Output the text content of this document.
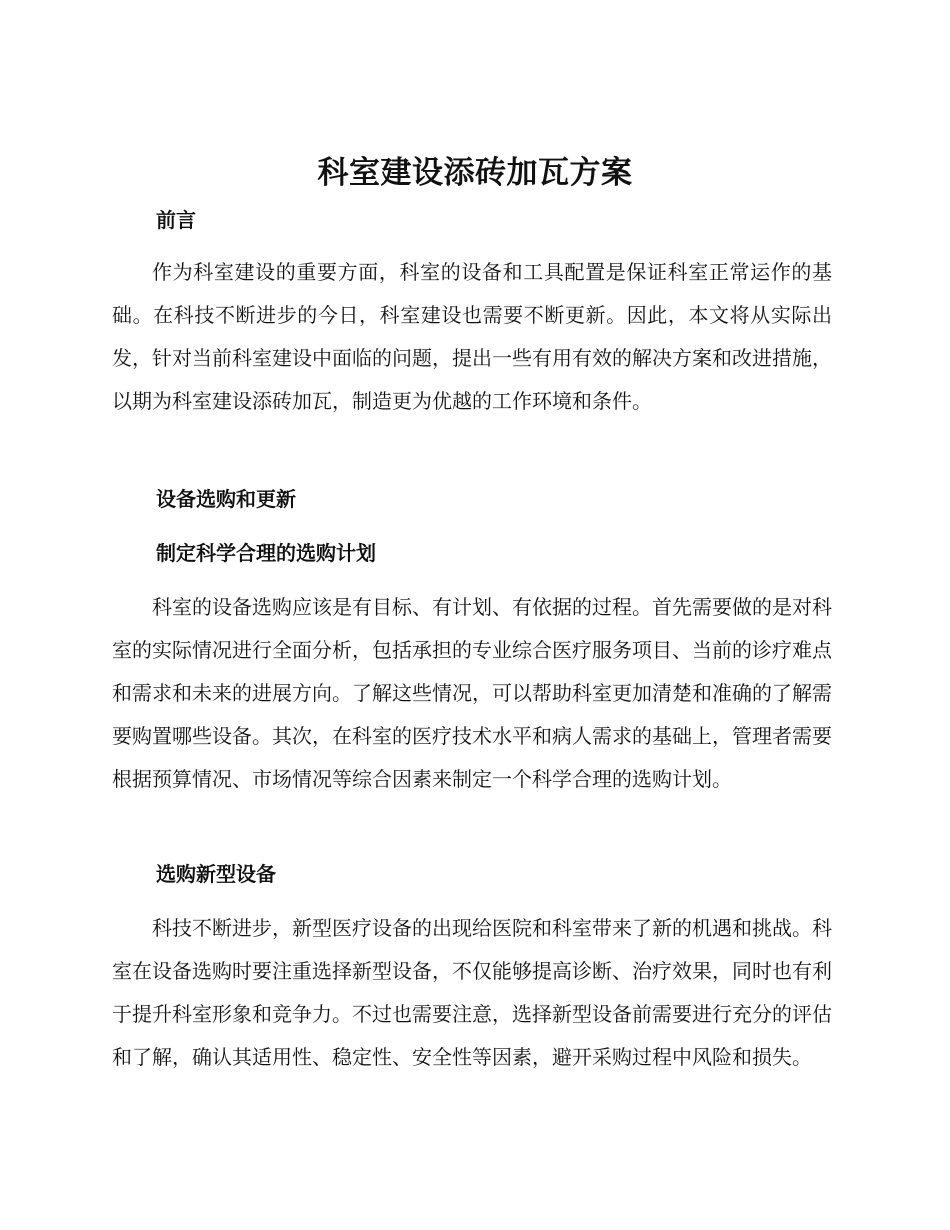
科室建设添砖加瓦方案
前言

作为科室建设的重要方面，科室的设备和工具配置是保证科室正常运作的基础。在科技不断进步的今日，科室建设也需要不断更新。因此，本文将从实际出发，针对当前科室建设中面临的问题，提出一些有用有效的解决方案和改进措施，以期为科室建设添砖加瓦，制造更为优越的工作环境和条件。

设备选购和更新
制定科学合理的选购计划

科室的设备选购应该是有目标、有计划、有依据的过程。首先需要做的是对科室的实际情况进行全面分析，包括承担的专业综合医疗服务项目、当前的诊疗难点和需求和未来的进展方向。了解这些情况，可以帮助科室更加清楚和准确的了解需要购置哪些设备。其次，在科室的医疗技术水平和病人需求的基础上，管理者需要根据预算情况、市场情况等综合因素来制定一个科学合理的选购计划。

选购新型设备

科技不断进步，新型医疗设备的出现给医院和科室带来了新的机遇和挑战。科室在设备选购时要注重选择新型设备，不仅能够提高诊断、治疗效果，同时也有利于提升科室形象和竞争力。不过也需要注意，选择新型设备前需要进行充分的评估和了解，确认其适用性、稳定性、安全性等因素，避开采购过程中风险和损失。
